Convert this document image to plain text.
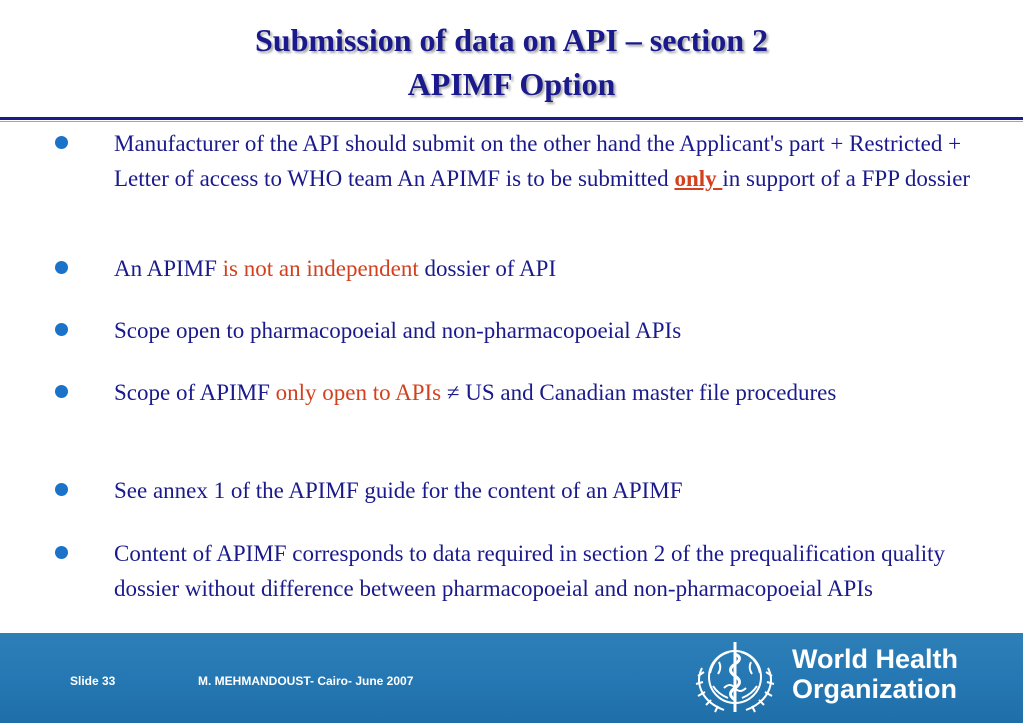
Submission of data on API – section 2
APIMF Option
Manufacturer of the API should submit on the other hand the Applicant's part + Restricted + Letter of access to WHO team An APIMF is to be submitted only in support of a FPP dossier
An APIMF is not an independent dossier of API
Scope open to pharmacopoeial and non-pharmacopoeial APIs
Scope of APIMF only open to APIs ≠ US and Canadian master file procedures
See annex 1 of the APIMF guide for the content of an APIMF
Content of APIMF corresponds to data required in section 2 of the prequalification quality dossier without difference between pharmacopoeial and non-pharmacopoeial APIs
Slide 33	M. MEHMANDOUST- Cairo- June 2007
World Health
Organization
